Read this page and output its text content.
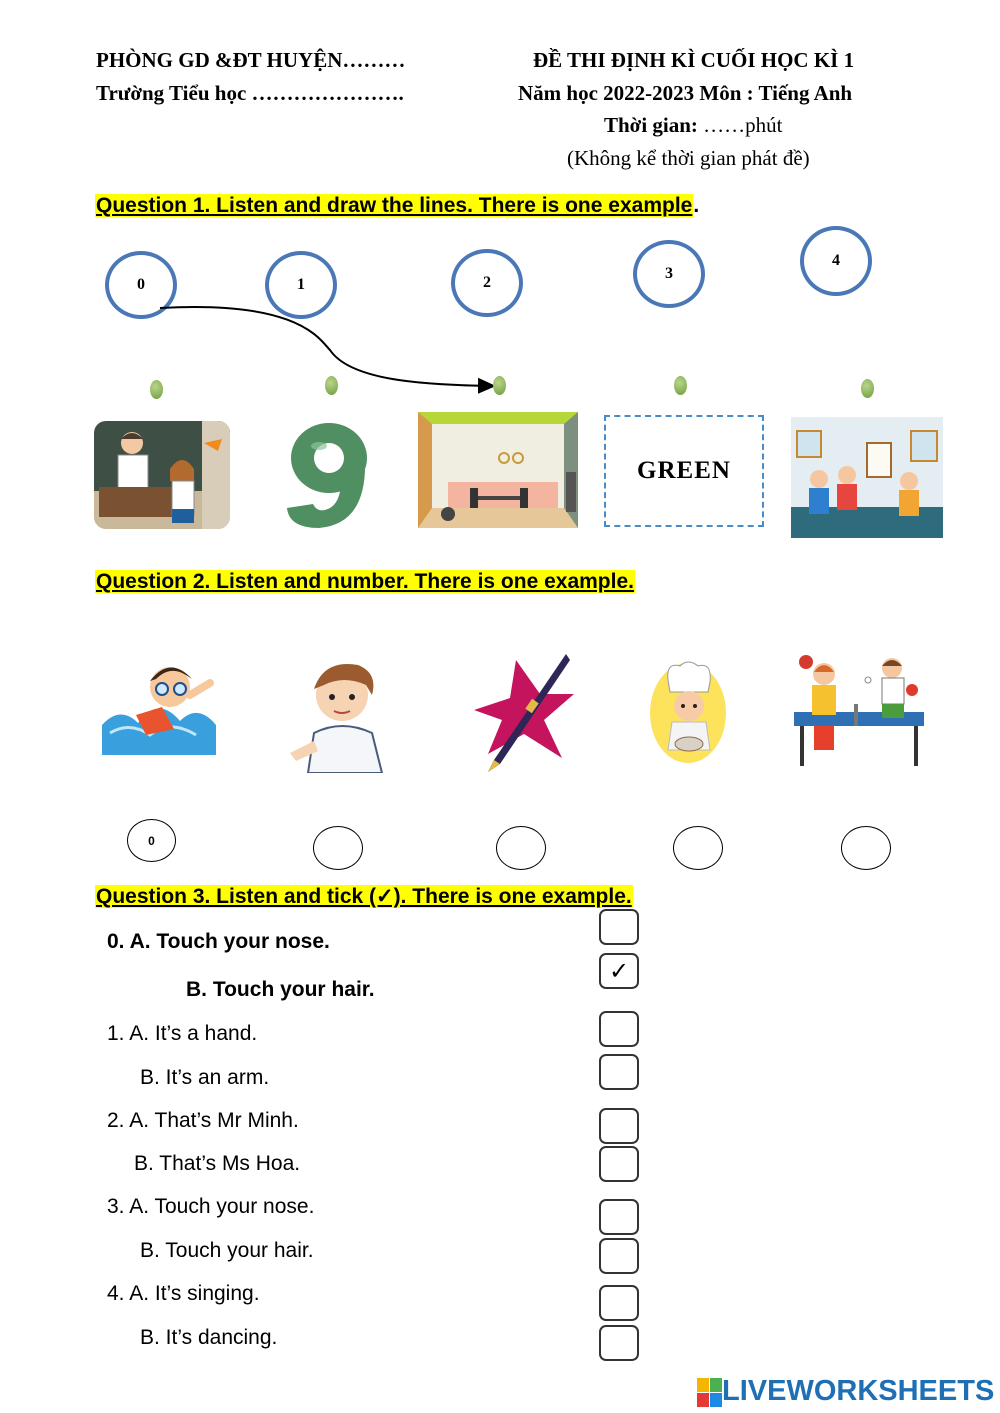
PHÒNG GD &ĐT HUYỆN………
Trường Tiểu học ………………….
ĐỀ THI ĐỊNH KÌ CUỐI HỌC KÌ 1
Năm học 2022-2023 Môn : Tiếng Anh
Thời gian: ……phút
(Không kể thời gian phát đề)
Question 1. Listen and draw the lines. There is one example.
0	1	2
3
4
GREEN
Question 2. Listen and number. There is one example.
0
Question 3. Listen and tick (✓). There is one example.
0. A. Touch your nose.
B. Touch your hair.
✓
1. A. It’s a hand.
B. It’s an arm.
2. A. That’s Mr Minh.
B. That’s Ms Hoa.
3. A. Touch your nose.
B. Touch your hair.
4. A. It’s singing.
B. It’s dancing.
LIVEWORKSHEETS
